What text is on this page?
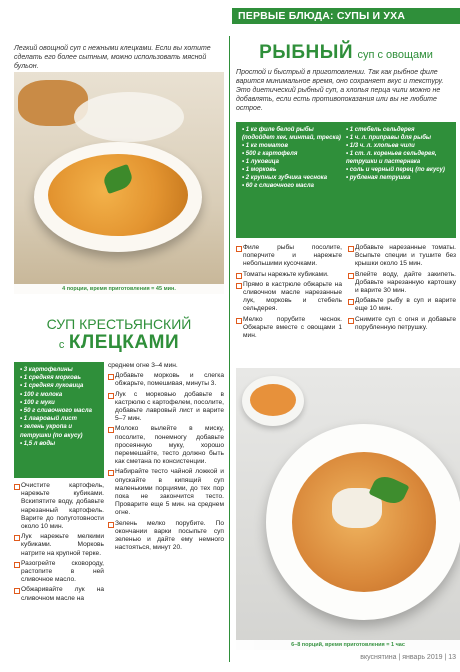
ПЕРВЫЕ БЛЮДА: СУПЫ И УХА

Легкий овощной суп с нежными клецками. Если вы хотите сделать его более сытным, можно использовать мясной бульон.

4 порции, время приготовления = 45 мин.
СУП КРЕСТЬЯНСКИЙ
с КЛЕЦКАМИ
• 3 картофелины
• 1 средняя морковь
• 1 средняя луковица
• 100 г молока
• 100 г муки
• 50 г сливочного масла
• 1 лавровый лист
• зелень укропа и петрушки (по вкусу)
• 1,5 л воды

Очистите картофель, нарежьте кубиками. Вскипятите воду, добавьте нарезанный картофель. Варите до полуготовности около 10 мин.

Лук нарежьте мелкими кубиками. Морковь натрите на крупной терке.

Разогрейте сковороду, растопите в ней сливочное масло.

Обжаривайте лук на сливочном масле на

среднем огне 3–4 мин.

Добавьте морковь и слегка обжарьте, помешивая, минуты 3.

Лук с морковью добавьте в кастрюлю с картофелем, посолите, добавьте лавровый лист и варите 5–7 мин.

Молоко вылейте в миску, посолите, понемногу добавьте просеянную муку, хорошо перемешайте, тесто должно быть как сметана по консистенции.

Набирайте тесто чайной ложкой и опускайте в кипящий суп маленькими порциями, до тех пор пока не закончится тесто. Проварите еще 5 мин. на среднем огне.

Зелень мелко порубите. По окончании варки посыпьте суп зеленью и дайте ему немного настояться, минут 20.

РЫБНЫЙ суп с овощами

Простой и быстрый в приготовлении. Так как рыбное филе варится минимальное время, оно сохраняет вкус и текстуру. Это диетический рыбный суп, а хлопья перца чили можно не добавлять, если есть противопоказания или вы не любите острое.

• 1 кг филе белой рыбы (подойдет хек, минтай, треска)
• 1 кг томатов
• 500 г картофеля
• 1 луковица
• 1 морковь
• 2 крупных зубчика чеснока
• 60 г сливочного масла
• 1 стебель сельдерея
• 1 ч. л. приправы для рыбы
• 1/3 ч. л. хлопьев чили
• 1 ст. л. кореньев сельдерея, петрушки и пастернака
• соль и черный перец (по вкусу)
• рубленая петрушка

Филе рыбы посолите, поперчите и нарежьте небольшими кусочками.

Томаты нарежьте кубиками.

Прямо в кастрюле обжарьте на сливочном масле нарезанные лук, морковь и стебель сельдерея.

Мелко порубите чеснок. Обжарьте вместе с овощами 1 мин.

Добавьте нарезанные томаты. Всыпьте специи и тушите без крышки около 15 мин.

Влейте воду, дайте закипеть. Добавьте нарезанную картошку и варите 30 мин.

Добавьте рыбу в суп и варите еще 10 мин.

Снимите суп с огня и добавьте порубленную петрушку.

6–8 порций, время приготовления = 1 час
вкуснятина | январь 2019 | 13
